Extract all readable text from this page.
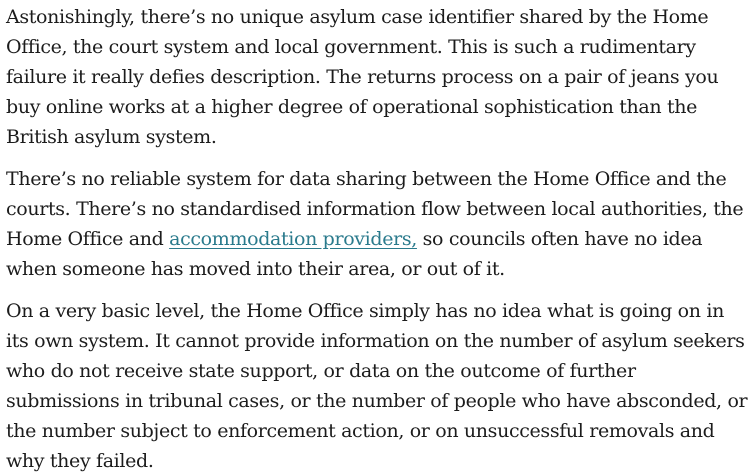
Astonishingly, there’s no unique asylum case identifier shared by the Home Office, the court system and local government. This is such a rudimentary failure it really defies description. The returns process on a pair of jeans you buy online works at a higher degree of operational sophistication than the British asylum system.

There’s no reliable system for data sharing between the Home Office and the courts. There’s no standardised information flow between local authorities, the Home Office and accommodation providers, so councils often have no idea when someone has moved into their area, or out of it.

On a very basic level, the Home Office simply has no idea what is going on in its own system. It cannot provide information on the number of asylum seekers who do not receive state support, or data on the outcome of further submissions in tribunal cases, or the number of people who have absconded, or the number subject to enforcement action, or on unsuccessful removals and why they failed.
